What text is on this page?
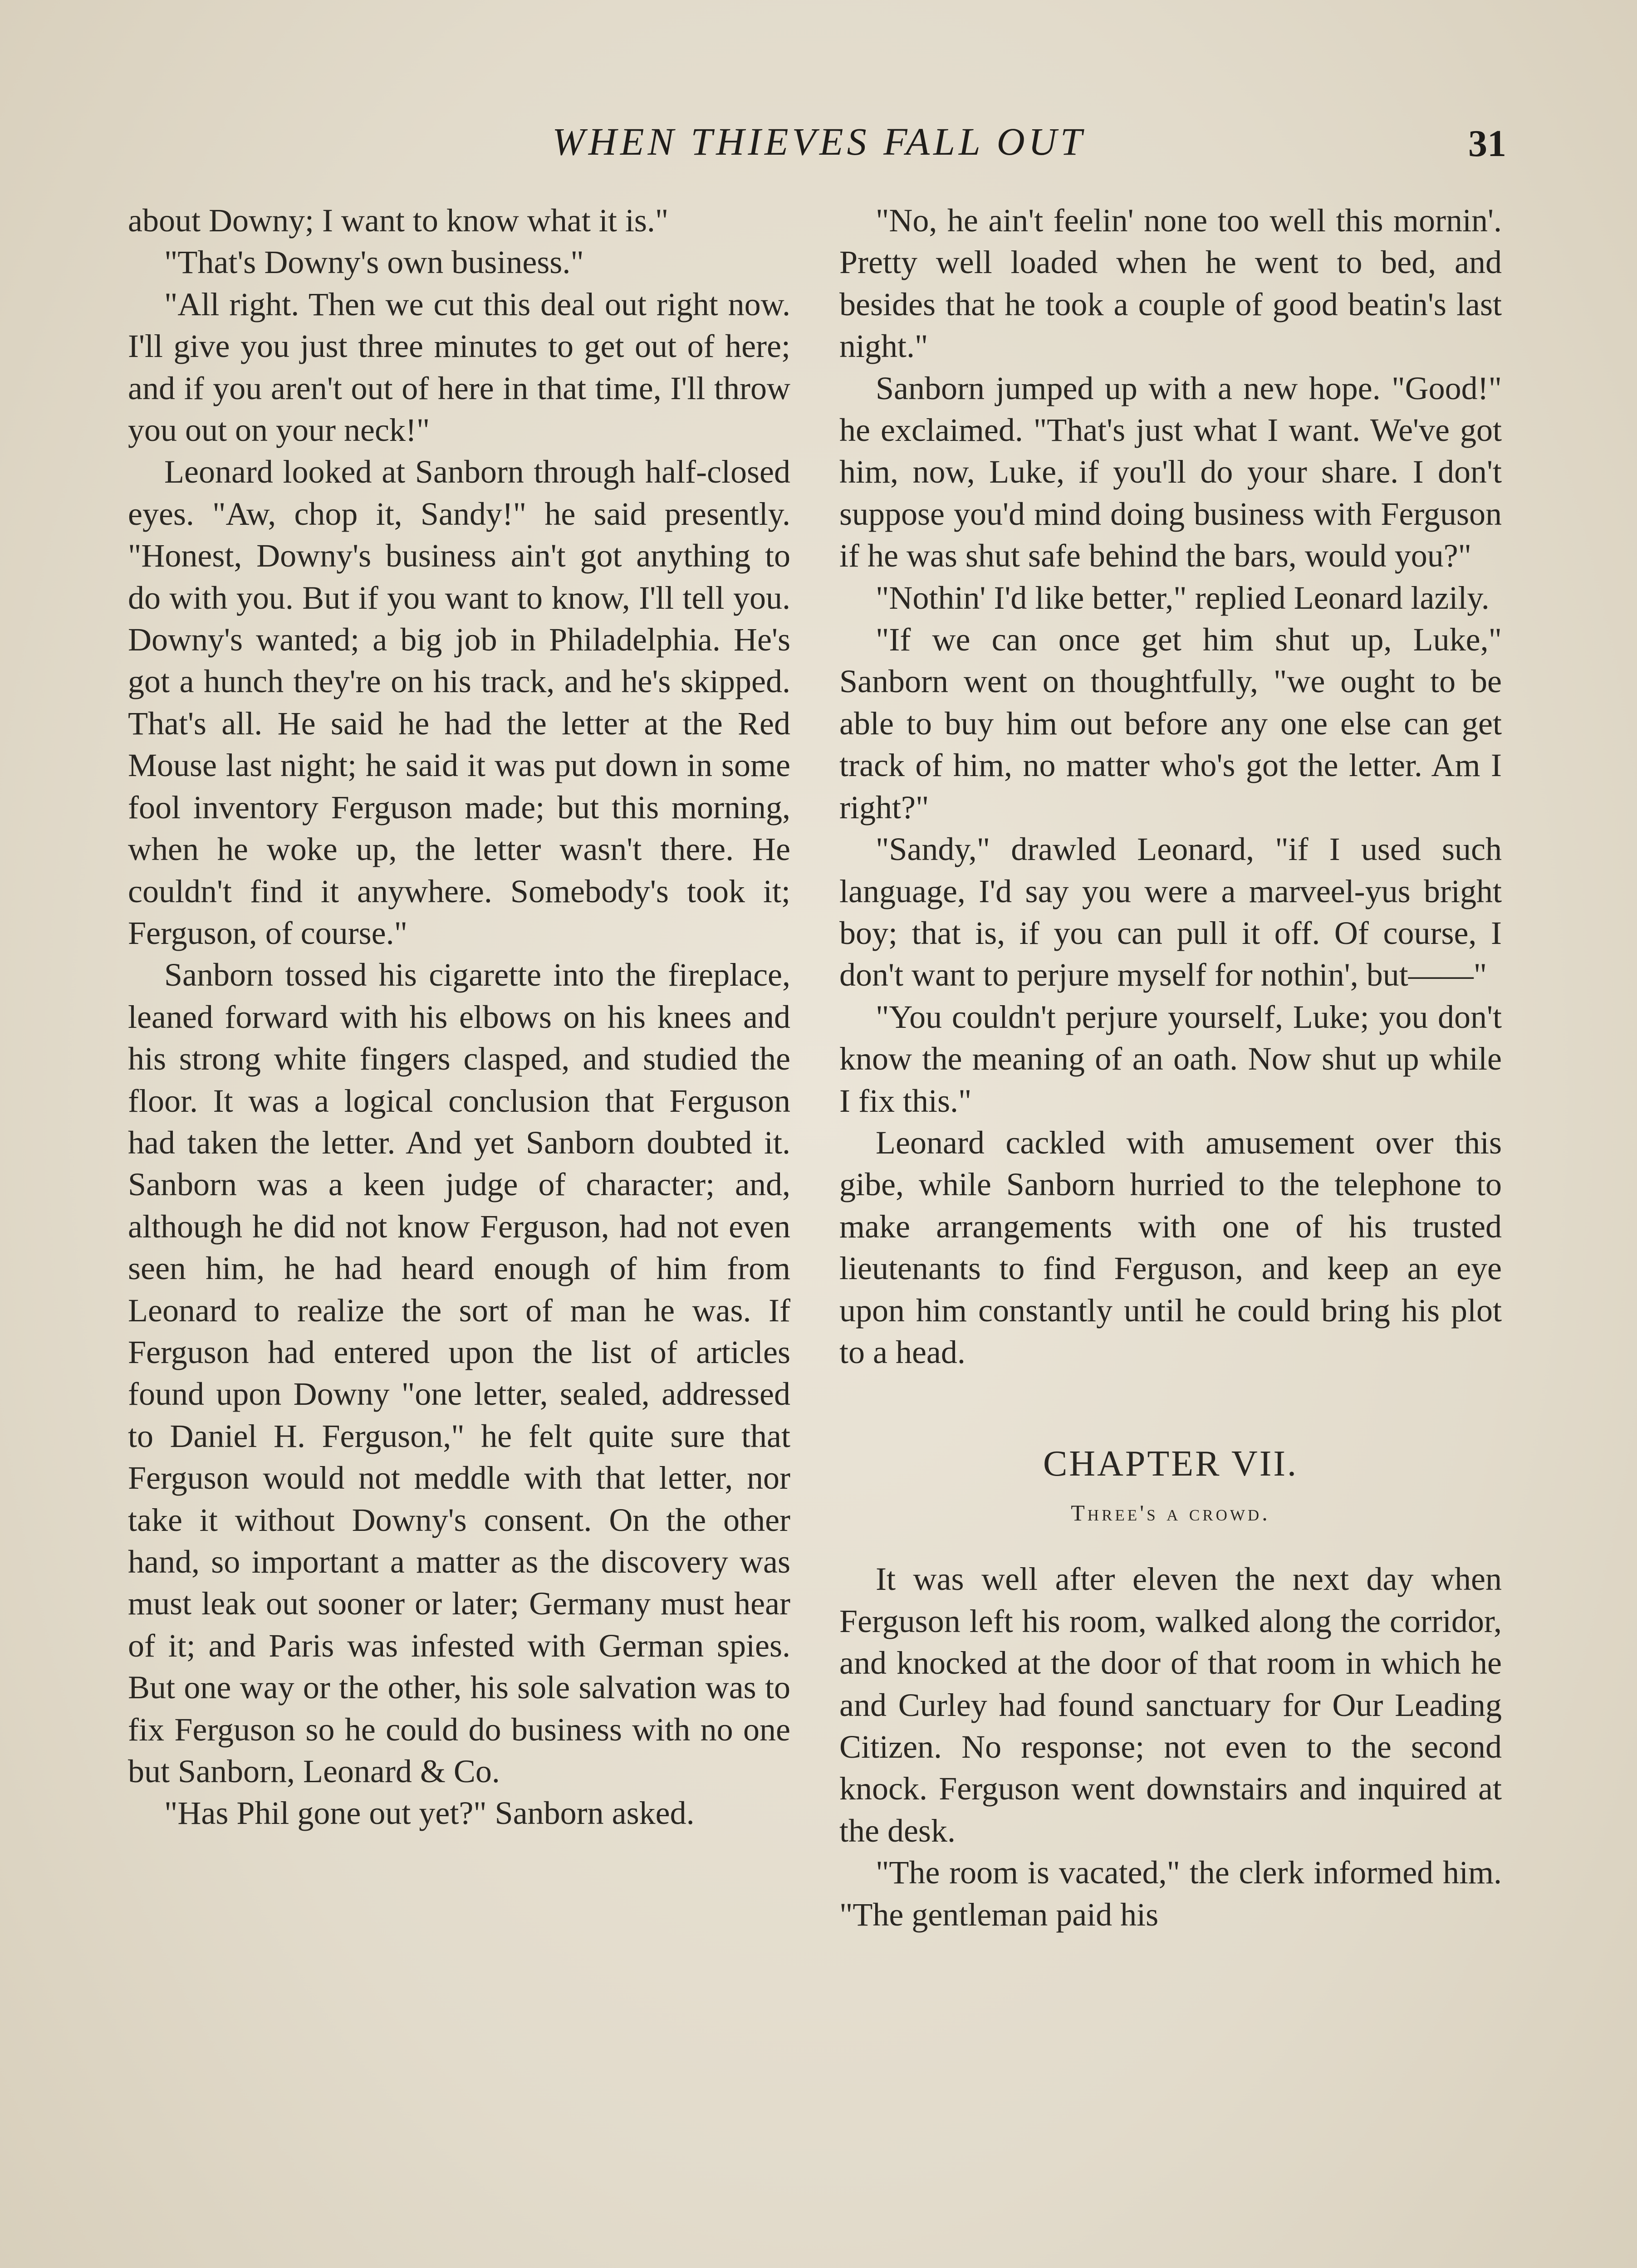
WHEN THIEVES FALL OUT	31

about Downy; I want to know what it is."

"That's Downy's own business."

"All right. Then we cut this deal out right now. I'll give you just three minutes to get out of here; and if you aren't out of here in that time, I'll throw you out on your neck!"

Leonard looked at Sanborn through half-closed eyes. "Aw, chop it, Sandy!" he said presently. "Honest, Downy's business ain't got anything to do with you. But if you want to know, I'll tell you. Downy's wanted; a big job in Philadelphia. He's got a hunch they're on his track, and he's skipped. That's all. He said he had the letter at the Red Mouse last night; he said it was put down in some fool inventory Ferguson made; but this morning, when he woke up, the letter wasn't there. He couldn't find it anywhere. Somebody's took it; Ferguson, of course."

Sanborn tossed his cigarette into the fireplace, leaned forward with his elbows on his knees and his strong white fingers clasped, and studied the floor. It was a logical conclusion that Ferguson had taken the letter. And yet Sanborn doubted it. Sanborn was a keen judge of character; and, although he did not know Ferguson, had not even seen him, he had heard enough of him from Leonard to realize the sort of man he was. If Ferguson had entered upon the list of articles found upon Downy "one letter, sealed, addressed to Daniel H. Ferguson," he felt quite sure that Ferguson would not meddle with that letter, nor take it without Downy's consent. On the other hand, so important a matter as the discovery was must leak out sooner or later; Germany must hear of it; and Paris was infested with German spies. But one way or the other, his sole salvation was to fix Ferguson so he could do business with no one but Sanborn, Leonard & Co.

"Has Phil gone out yet?" Sanborn asked.

"No, he ain't feelin' none too well this mornin'. Pretty well loaded when he went to bed, and besides that he took a couple of good beatin's last night."

Sanborn jumped up with a new hope. "Good!" he exclaimed. "That's just what I want. We've got him, now, Luke, if you'll do your share. I don't suppose you'd mind doing business with Ferguson if he was shut safe behind the bars, would you?"

"Nothin' I'd like better," replied Leonard lazily.

"If we can once get him shut up, Luke," Sanborn went on thoughtfully, "we ought to be able to buy him out before any one else can get track of him, no matter who's got the letter. Am I right?"

"Sandy," drawled Leonard, "if I used such language, I'd say you were a marveel-yus bright boy; that is, if you can pull it off. Of course, I don't want to perjure myself for nothin', but——"

"You couldn't perjure yourself, Luke; you don't know the meaning of an oath. Now shut up while I fix this."

Leonard cackled with amusement over this gibe, while Sanborn hurried to the telephone to make arrangements with one of his trusted lieutenants to find Ferguson, and keep an eye upon him constantly until he could bring his plot to a head.

CHAPTER VII.
Three's a crowd.

It was well after eleven the next day when Ferguson left his room, walked along the corridor, and knocked at the door of that room in which he and Curley had found sanctuary for Our Leading Citizen. No response; not even to the second knock. Ferguson went downstairs and inquired at the desk.

"The room is vacated," the clerk informed him. "The gentleman paid his
